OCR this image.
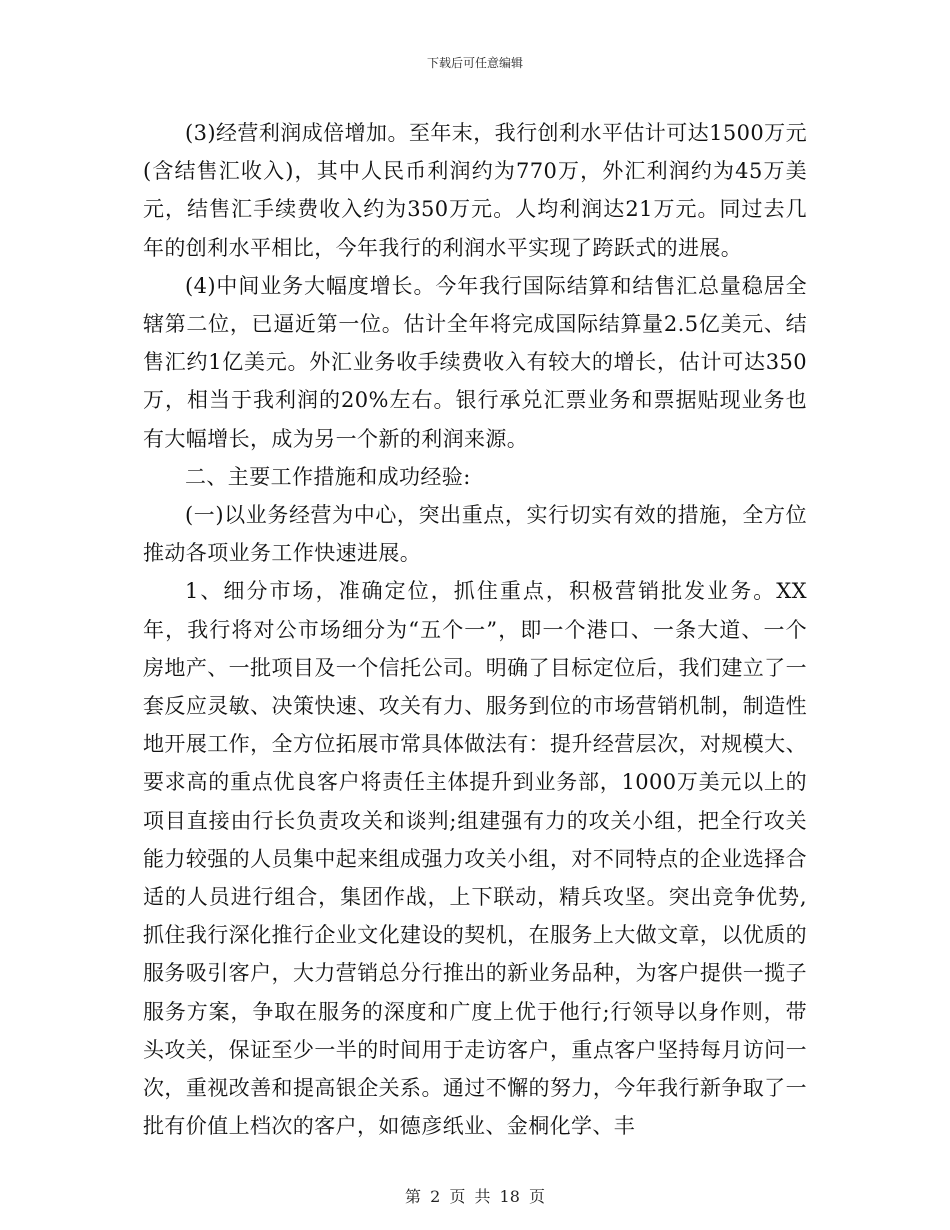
下载后可任意编辑

(3)经营利润成倍增加。至年末，我行创利水平估计可达1500万元(含结售汇收入)，其中人民币利润约为770万，外汇利润约为45万美元，结售汇手续费收入约为350万元。人均利润达21万元。同过去几年的创利水平相比，今年我行的利润水平实现了跨跃式的进展。

(4)中间业务大幅度增长。今年我行国际结算和结售汇总量稳居全辖第二位，已逼近第一位。估计全年将完成国际结算量2.5亿美元、结售汇约1亿美元。外汇业务收手续费收入有较大的增长，估计可达350万，相当于我利润的20%左右。银行承兑汇票业务和票据贴现业务也有大幅增长，成为另一个新的利润来源。

二、主要工作措施和成功经验:

(一)以业务经营为中心，突出重点，实行切实有效的措施，全方位推动各项业务工作快速进展。

1、细分市场，准确定位，抓住重点，积极营销批发业务。XX年，我行将对公市场细分为“五个一”，即一个港口、一条大道、一个房地产、一批项目及一个信托公司。明确了目标定位后，我们建立了一套反应灵敏、决策快速、攻关有力、服务到位的市场营销机制，制造性地开展工作，全方位拓展市常具体做法有：提升经营层次，对规模大、要求高的重点优良客户将责任主体提升到业务部，1000万美元以上的项目直接由行长负责攻关和谈判;组建强有力的攻关小组，把全行攻关能力较强的人员集中起来组成强力攻关小组，对不同特点的企业选择合适的人员进行组合，集团作战，上下联动，精兵攻坚。突出竞争优势,抓住我行深化推行企业文化建设的契机，在服务上大做文章，以优质的服务吸引客户，大力营销总分行推出的新业务品种，为客户提供一揽子服务方案，争取在服务的深度和广度上优于他行;行领导以身作则，带头攻关，保证至少一半的时间用于走访客户，重点客户坚持每月访问一次，重视改善和提高银企关系。通过不懈的努力，今年我行新争取了一批有价值上档次的客户，如德彦纸业、金桐化学、丰

第 2 页 共 18 页
